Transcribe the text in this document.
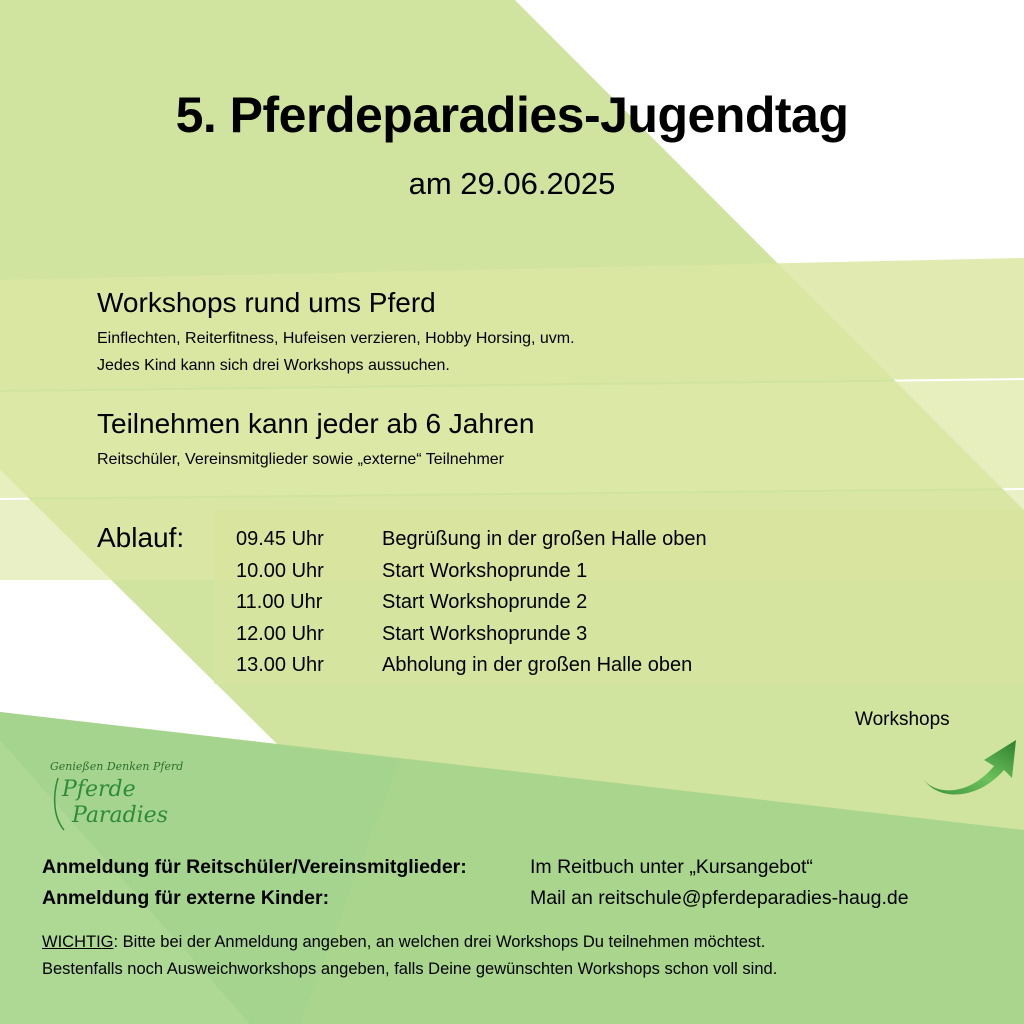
5. Pferdeparadies-Jugendtag
am 29.06.2025
Workshops rund ums Pferd
Einflechten, Reiterfitness, Hufeisen verzieren, Hobby Horsing, uvm.
Jedes Kind kann sich drei Workshops aussuchen.
Teilnehmen kann jeder ab 6 Jahren
Reitschüler, Vereinsmitglieder sowie „externe“ Teilnehmer
Ablauf:	09.45 Uhr	Begrüßung in der großen Halle oben
10.00 Uhr	Start Workshoprunde 1
11.00 Uhr	Start Workshoprunde 2
12.00 Uhr	Start Workshoprunde 3
13.00 Uhr	Abholung in der großen Halle oben
Workshops
Genießen Denken Pferd
Pferde
Paradies
Anmeldung für Reitschüler/Vereinsmitglieder:	Im Reitbuch unter „Kursangebot“
Anmeldung für externe Kinder:	Mail an reitschule@pferdeparadies-haug.de
WICHTIG: Bitte bei der Anmeldung angeben, an welchen drei Workshops Du teilnehmen möchtest.
Bestenfalls noch Ausweichworkshops angeben, falls Deine gewünschten Workshops schon voll sind.
